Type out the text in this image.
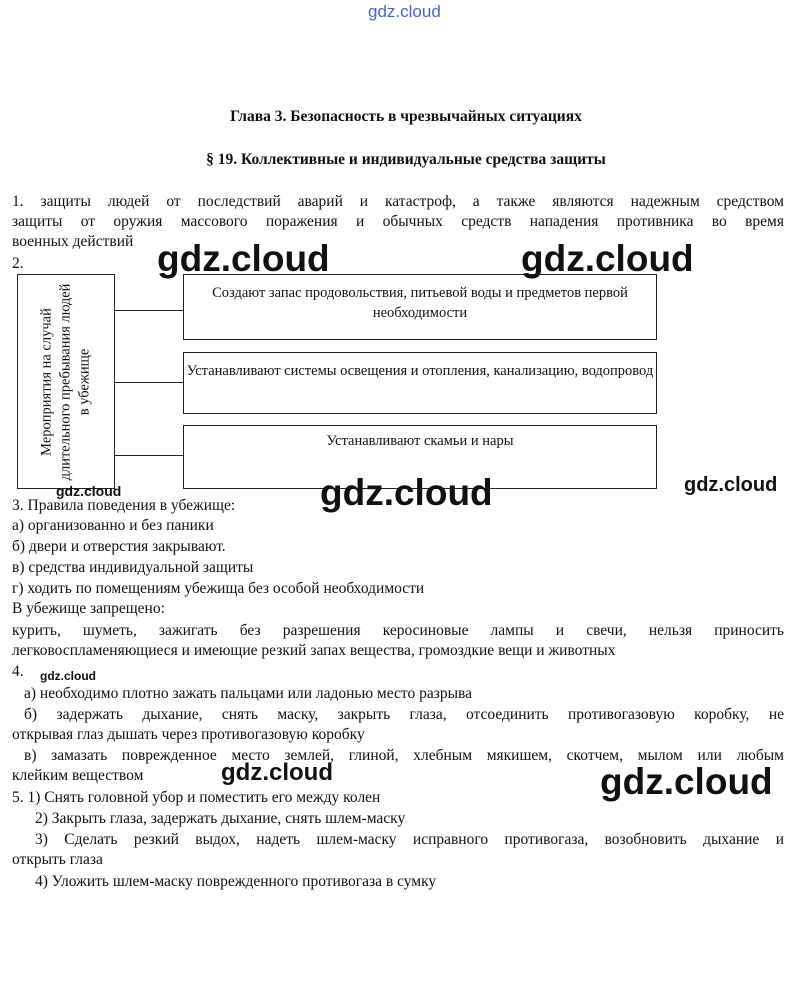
Глава 3. Безопасность в чрезвычайных ситуациях
§ 19. Коллективные и индивидуальные средства защиты
1. защиты людей от последствий аварий и катастроф, а также являются надежным средством
защиты от оружия массового поражения и обычных средств нападения противника во время
военных действий
2.
Мероприятия на случай длительного пребывания людей в убежище
Создают запас продовольствия, питьевой воды и предметов первой необходимости
Устанавливают системы освещения и отопления, канализацию, водопровод
Устанавливают скамьи и нары
3. Правила поведения в убежище:
а) организованно и без паники
б) двери и отверстия закрывают.
в) средства индивидуальной защиты
г) ходить по помещениям убежища без особой необходимости
В убежище запрещено:
курить, шуметь, зажигать без разрешения керосиновые лампы и свечи, нельзя приносить
легковоспламеняющиеся и имеющие резкий запах вещества, громоздкие вещи и животных
4.
а) необходимо плотно зажать пальцами или ладонью место разрыва
б) задержать дыхание, снять маску, закрыть глаза, отсоединить противогазовую коробку, не
открывая глаз дышать через противогазовую коробку
в) замазать поврежденное место землей, глиной, хлебным мякишем, скотчем, мылом или любым
клейким веществом
5. 1) Снять головной убор и поместить его между колен
2) Закрыть глаза, задержать дыхание, снять шлем-маску
3) Сделать резкий выдох, надеть шлем-маску исправного противогаза, возобновить дыхание и
открыть глаза
4) Уложить шлем-маску поврежденного противогаза в сумку
gdz.cloud
gdz.cloud	gdz.cloud
gdz.cloud	gdz.cloud	gdz.cloud
gdz.cloud
gdz.cloud	gdz.cloud
